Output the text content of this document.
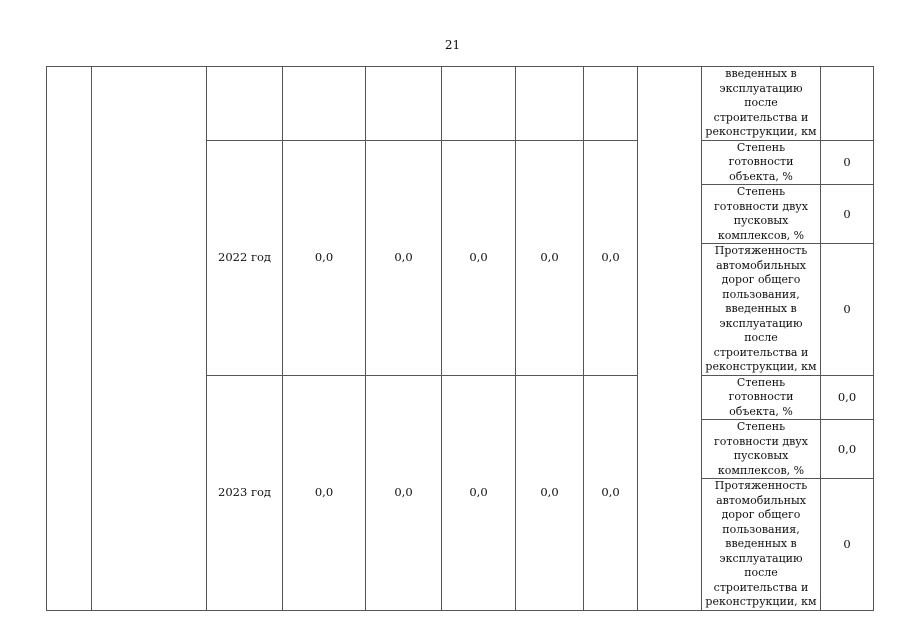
21
									введенных в эксплуатацию после строительства и реконструкции, км	
		2022 год	0,0	0,0	0,0	0,0	0,0		Степень готовности объекта, %	0
									Степень готовности двух пусковых комплексов, %	0
									Протяженность автомобильных дорог общего пользования, введенных в эксплуатацию после строительства и реконструкции, км	0
		2023 год	0,0	0,0	0,0	0,0	0,0		Степень готовности объекта, %	0,0
									Степень готовности двух пусковых комплексов, %	0,0
									Протяженность автомобильных дорог общего пользования, введенных в эксплуатацию после строительства и реконструкции, км	0
